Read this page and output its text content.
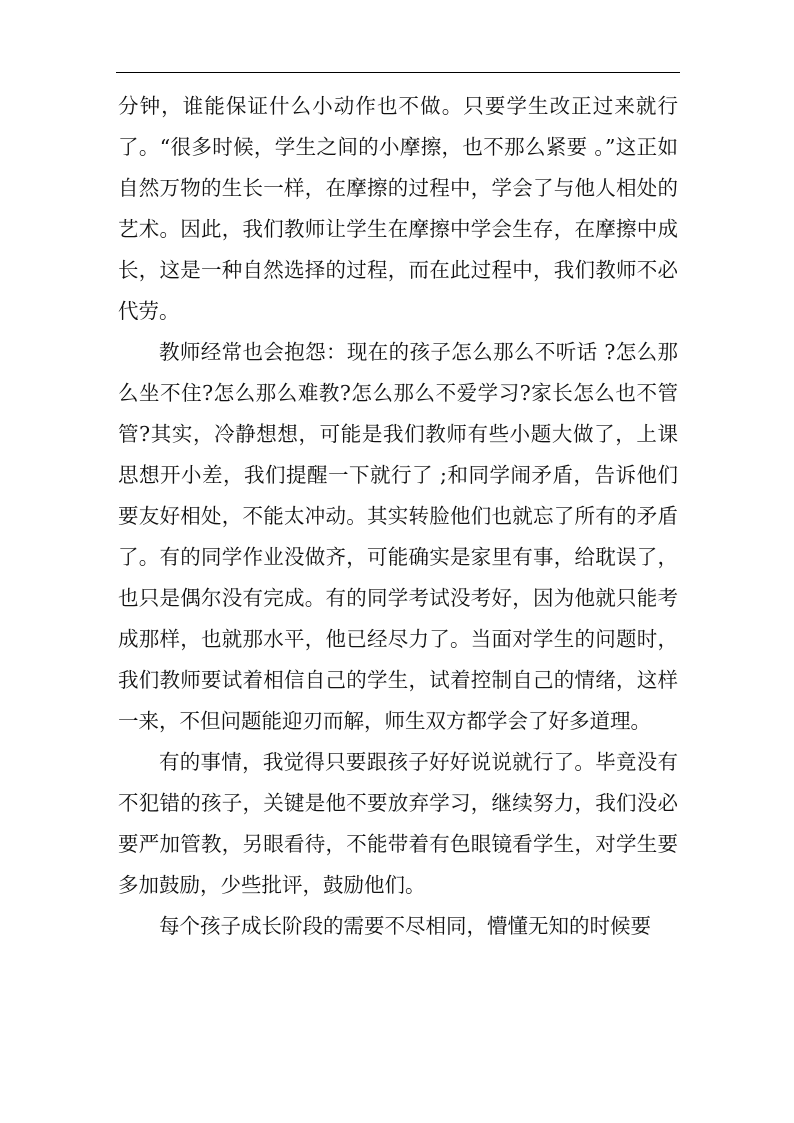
分钟，谁能保证什么小动作也不做。只要学生改正过来就行了。“很多时候，学生之间的小摩擦，也不那么紧要 。”这正如自然万物的生长一样，在摩擦的过程中，学会了与他人相处的艺术。因此，我们教师让学生在摩擦中学会生存，在摩擦中成长，这是一种自然选择的过程，而在此过程中，我们教师不必代劳。

教师经常也会抱怨：现在的孩子怎么那么不听话 ?怎么那么坐不住?怎么那么难教?怎么那么不爱学习?家长怎么也不管管?其实，冷静想想，可能是我们教师有些小题大做了，上课思想开小差，我们提醒一下就行了 ;和同学闹矛盾，告诉他们要友好相处，不能太冲动。其实转脸他们也就忘了所有的矛盾了。有的同学作业没做齐，可能确实是家里有事，给耽误了，也只是偶尔没有完成。有的同学考试没考好，因为他就只能考成那样，也就那水平，他已经尽力了。当面对学生的问题时，我们教师要试着相信自己的学生，试着控制自己的情绪，这样一来，不但问题能迎刃而解，师生双方都学会了好多道理。

有的事情，我觉得只要跟孩子好好说说就行了。毕竟没有不犯错的孩子，关键是他不要放弃学习，继续努力，我们没必要严加管教，另眼看待，不能带着有色眼镜看学生，对学生要多加鼓励，少些批评，鼓励他们。

每个孩子成长阶段的需要不尽相同，懵懂无知的时候要
